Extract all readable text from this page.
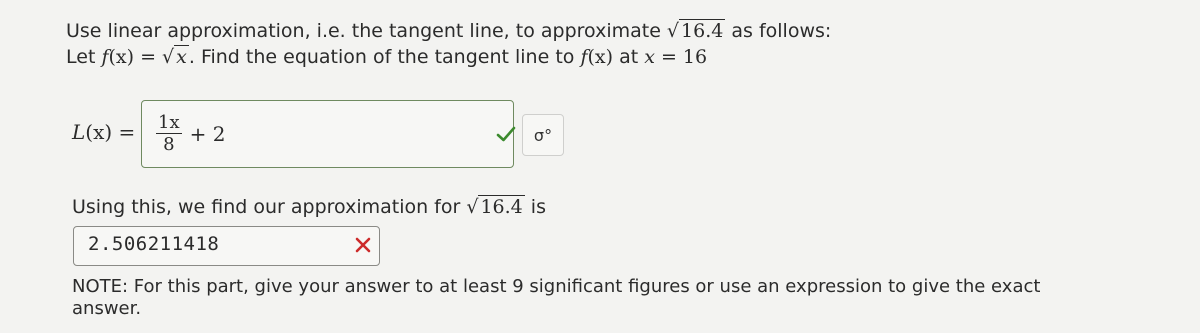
Use linear approximation, i.e. the tangent line, to approximate √ 16.4 as follows:
Let f(x) = √ x . Find the equation of the tangent line to f(x) at x = 16
$L(x) = \frac{1x}{8} + 2$	σ°
Using this, we find our approximation for √ 16.4 is
2.506211418
NOTE: For this part, give your answer to at least 9 significant figures or use an expression to give the exact answer.
